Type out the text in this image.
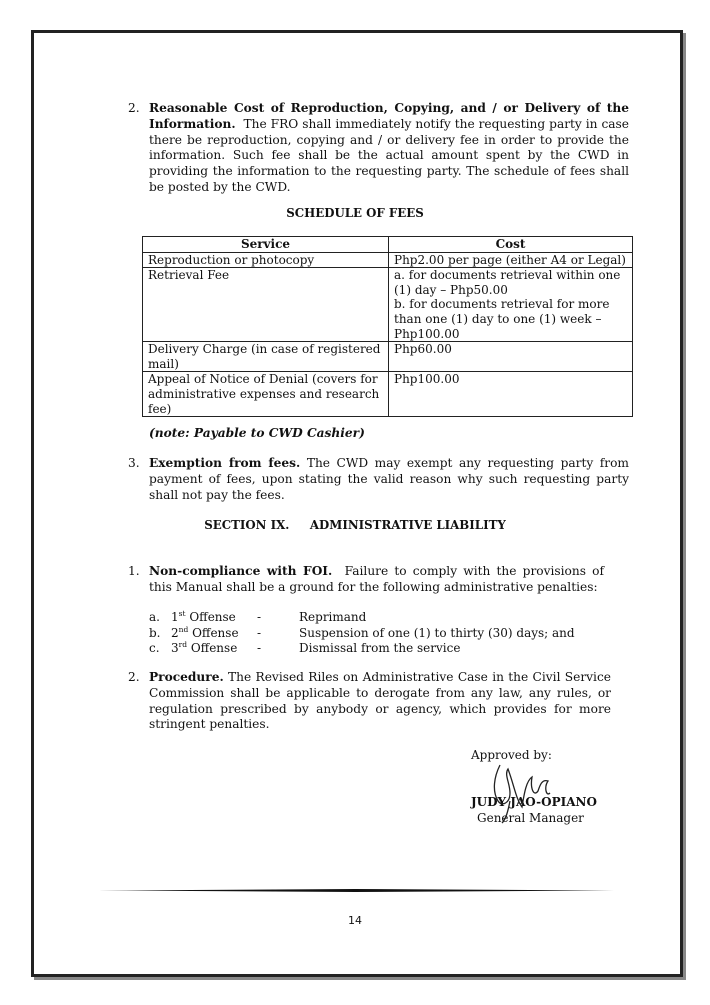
2. Reasonable Cost of Reproduction, Copying, and / or Delivery of the Information. The FRO shall immediately notify the requesting party in case there be reproduction, copying and / or delivery fee in order to provide the information. Such fee shall be the actual amount spent by the CWD in providing the information to the requesting party. The schedule of fees shall be posted by the CWD.
SCHEDULE OF FEES
Service	Cost
Reproduction or photocopy	Php2.00 per page (either A4 or Legal)
Retrieval Fee	a. for documents retrieval within one (1) day – Php50.00
b. for documents retrieval for more than one (1) day to one (1) week – Php100.00

Delivery Charge (in case of registered mail)	Php60.00
Appeal of Notice of Denial (covers for administrative expenses and research fee)	Php100.00
(note: Payable to CWD Cashier)
3. Exemption from fees. The CWD may exempt any requesting party from payment of fees, upon stating the valid reason why such requesting party shall not pay the fees.
SECTION IX. ADMINISTRATIVE LIABILITY
1. Non-compliance with FOI. Failure to comply with the provisions of this Manual shall be a ground for the following administrative penalties:
a. 1st Offense -	Reprimand
b. 2nd Offense -	Suspension of one (1) to thirty (30) days; and
c. 3rd Offense -	Dismissal from the service
2. Procedure. The Revised Riles on Administrative Case in the Civil Service Commission shall be applicable to derogate from any law, any rules, or regulation prescribed by anybody or agency, which provides for more stringent penalties.
Approved by:
JUDY JAO-OPIANO
General Manager
14
